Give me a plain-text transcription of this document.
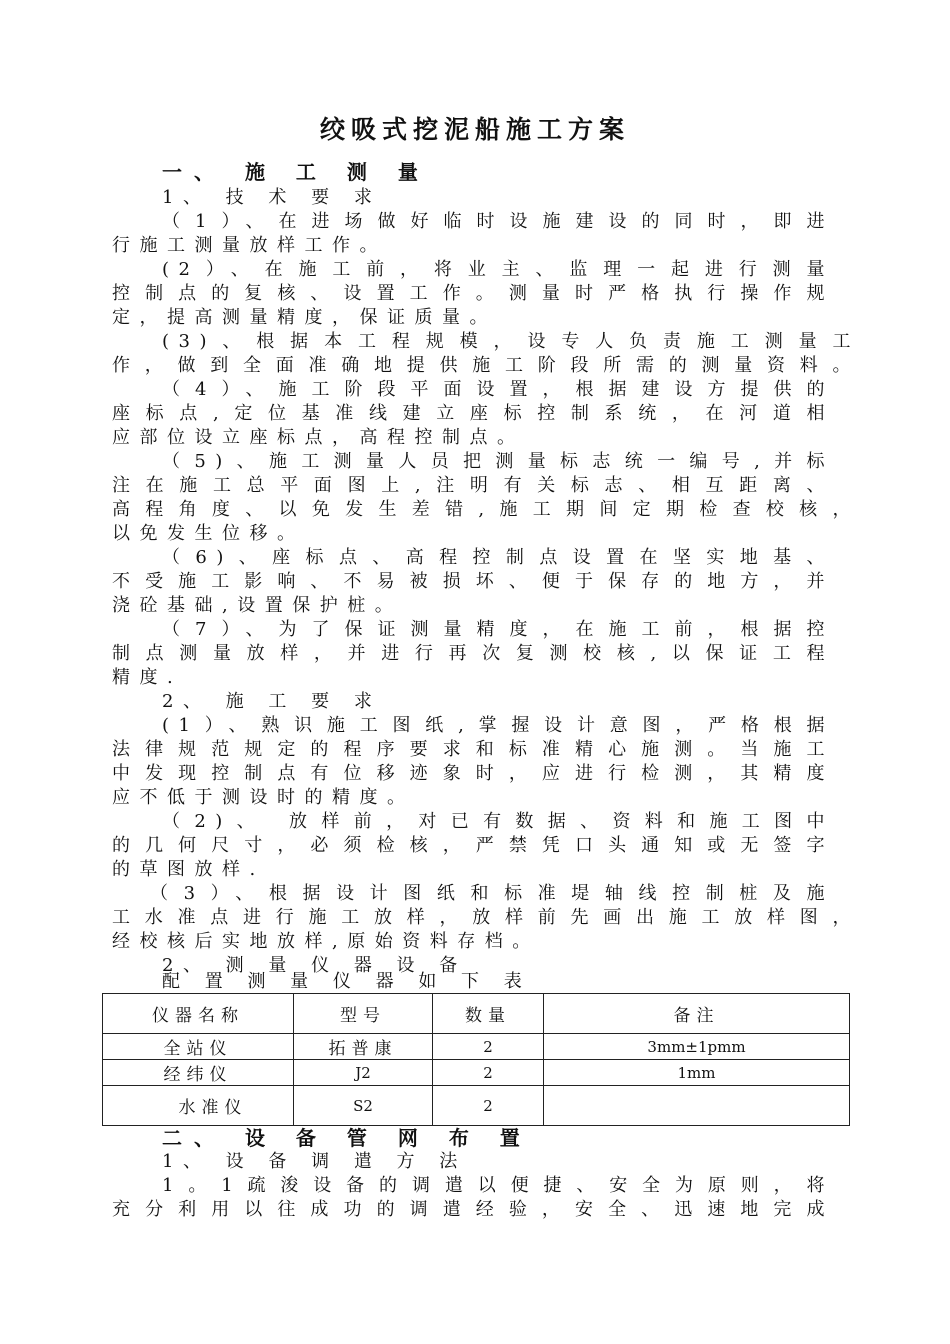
绞吸式挖泥船施工方案
一、 施 工 测 量
1、 技 术 要 求
（1）、在进场做好临时设施建设的同时，即进
行施工测量放样工作。
(2）、在施工前，将业主、监理一起进行测量
控制点的复核、设置工作。测量时严格执行操作规
定，提高测量精度，保证质量。
(3)、根据本工程规模，设专人负责施工测量工
作，做到全面准确地提供施工阶段所需的测量资料。
（4）、施工阶段平面设置，根据建设方提供的
座标点,定位基准线建立座标控制系统，在河道相
应部位设立座标点，高程控制点。
（5)、施工测量人员把测量标志统一编号,并标
注在施工总平面图上,注明有关标志、相互距离、
高程角度、以免发生差错,施工期间定期检查校核，
以免发生位移。
（6)、座标点、高程控制点设置在坚实地基、
不受施工影响、不易被损坏、便于保存的地方，并
浇砼基础,设置保护桩。
（7）、为了保证测量精度，在施工前，根据控
制点测量放样，并进行再次复测校核,以保证工程
精度.
2、 施 工 要 求
(1）、熟识施工图纸,掌握设计意图，严格根据
法律规范规定的程序要求和标准精心施测。当施工
中发现控制点有位移迹象时，应进行检测，其精度
应不低于测设时的精度。
（2)、 放样前，对已有数据、资料和施工图中
的几何尺寸，必须检核，严禁凭口头通知或无签字
的草图放样.
（3）、根据设计图纸和标准堤轴线控制桩及施
工水准点进行施工放样，放样前先画出施工放样图，
经校核后实地放样,原始资料存档。
2、 测 量 仪 器 设 备
配 置 测 量 仪 器 如 下 表
仪器名称	型号	数量	备注
全站仪	拓普康	2	3mm±1pmm
经纬仪	J2	2	1mm
水准仪	S2	2	
二、 设 备 管 网 布 置
1、 设 备 调 遣 方 法
1。1疏浚设备的调遣以便捷、安全为原则，将
充分利用以往成功的调遣经验，安全、迅速地完成
